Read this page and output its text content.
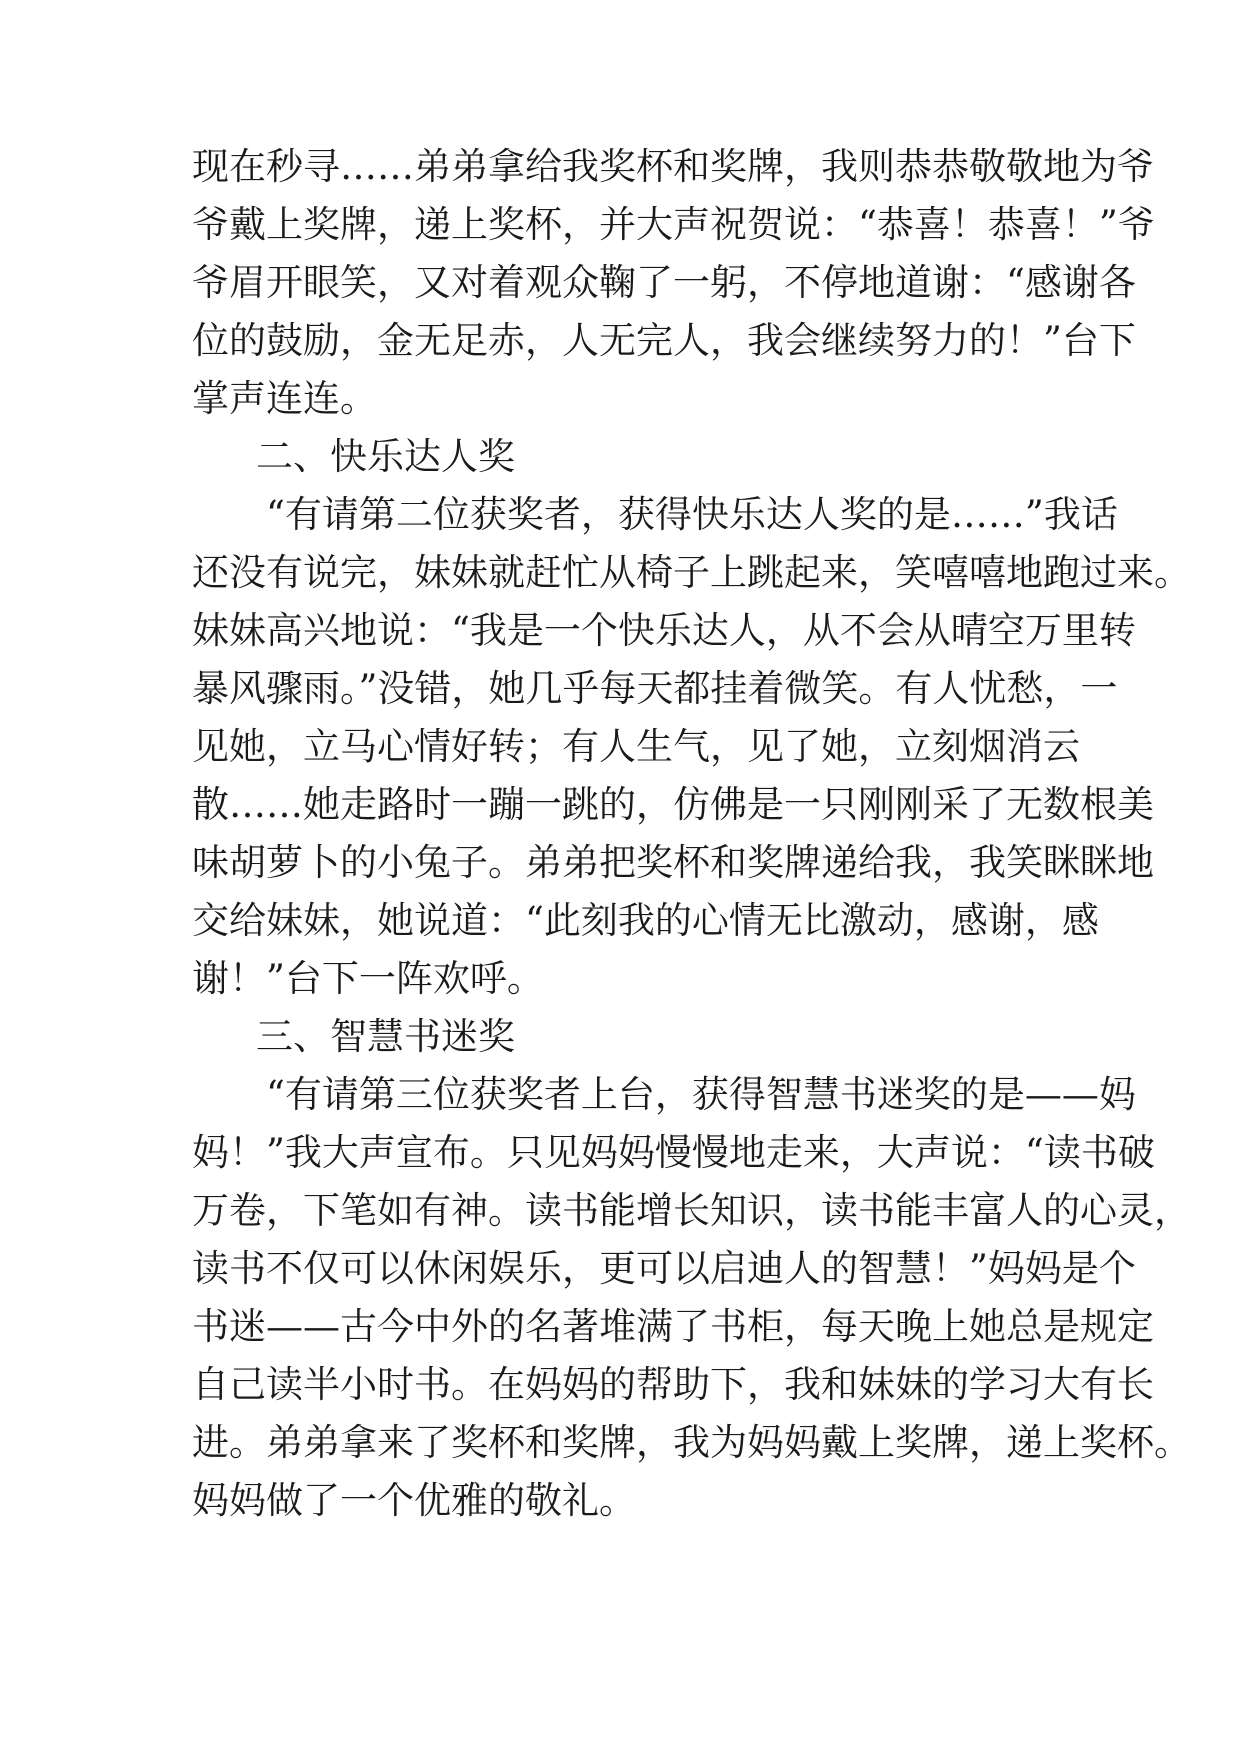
现在秒寻……弟弟拿给我奖杯和奖牌，我则恭恭敬敬地为爷
爷戴上奖牌，递上奖杯，并大声祝贺说：“恭喜！恭喜！”爷
爷眉开眼笑，又对着观众鞠了一躬，不停地道谢：“感谢各
位的鼓励，金无足赤，人无完人，我会继续努力的！”台下
掌声连连。
二、快乐达人奖
“有请第二位获奖者，获得快乐达人奖的是……”我话
还没有说完，妹妹就赶忙从椅子上跳起来，笑嘻嘻地跑过来。
妹妹高兴地说：“我是一个快乐达人，从不会从晴空万里转
暴风骤雨。”没错，她几乎每天都挂着微笑。有人忧愁，一
见她，立马心情好转；有人生气，见了她，立刻烟消云
散……她走路时一蹦一跳的，仿佛是一只刚刚采了无数根美
味胡萝卜的小兔子。弟弟把奖杯和奖牌递给我，我笑眯眯地
交给妹妹，她说道：“此刻我的心情无比激动，感谢，感
谢！”台下一阵欢呼。
三、智慧书迷奖
“有请第三位获奖者上台，获得智慧书迷奖的是——妈
妈！”我大声宣布。只见妈妈慢慢地走来，大声说：“读书破
万卷，下笔如有神。读书能增长知识，读书能丰富人的心灵，
读书不仅可以休闲娱乐，更可以启迪人的智慧！”妈妈是个
书迷——古今中外的名著堆满了书柜，每天晚上她总是规定
自己读半小时书。在妈妈的帮助下，我和妹妹的学习大有长
进。弟弟拿来了奖杯和奖牌，我为妈妈戴上奖牌，递上奖杯。
妈妈做了一个优雅的敬礼。
